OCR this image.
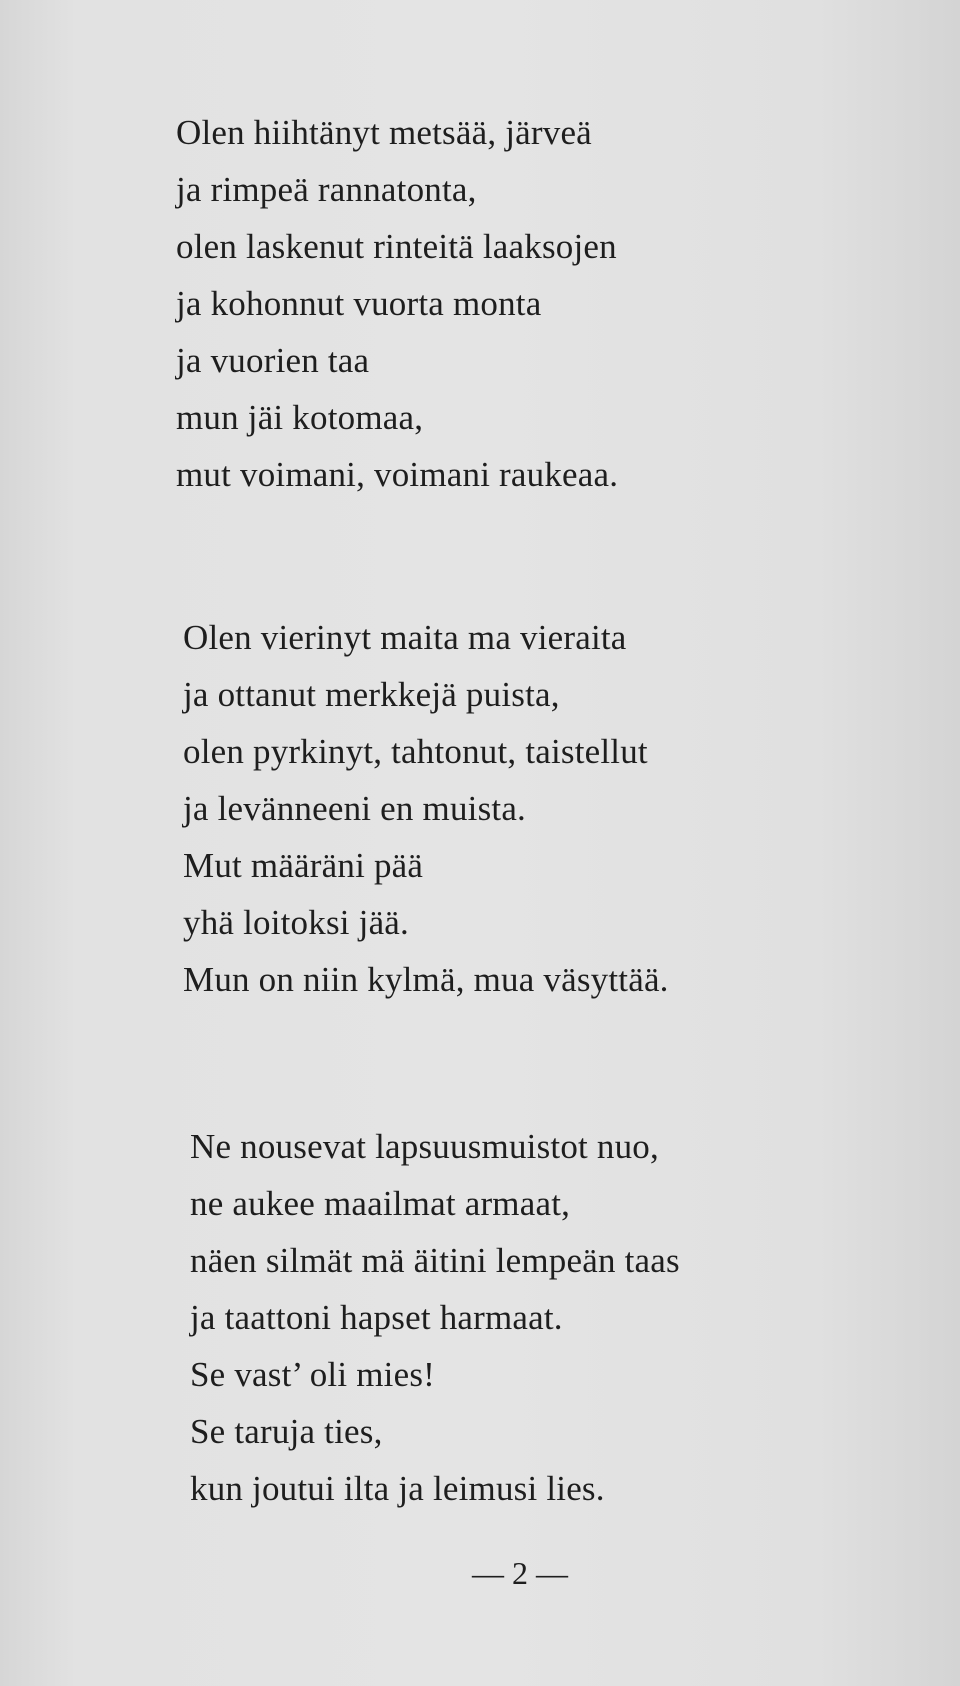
Olen hiihtänyt metsää, järveä
ja rimpeä rannatonta,
olen laskenut rinteitä laaksojen
ja kohonnut vuorta monta
ja vuorien taa
mun jäi kotomaa,
mut voimani, voimani raukeaa.
Olen vierinyt maita ma vieraita
ja ottanut merkkejä puista,
olen pyrkinyt, tahtonut, taistellut
ja levänneeni en muista.
Mut määräni pää
yhä loitoksi jää.
Mun on niin kylmä, mua väsyttää.
Ne nousevat lapsuusmuistot nuo,
ne aukee maailmat armaat,
näen silmät mä äitini lempeän taas
ja taattoni hapset harmaat.
Se vast’ oli mies!
Se taruja ties,
kun joutui ilta ja leimusi lies.
— 2 —
